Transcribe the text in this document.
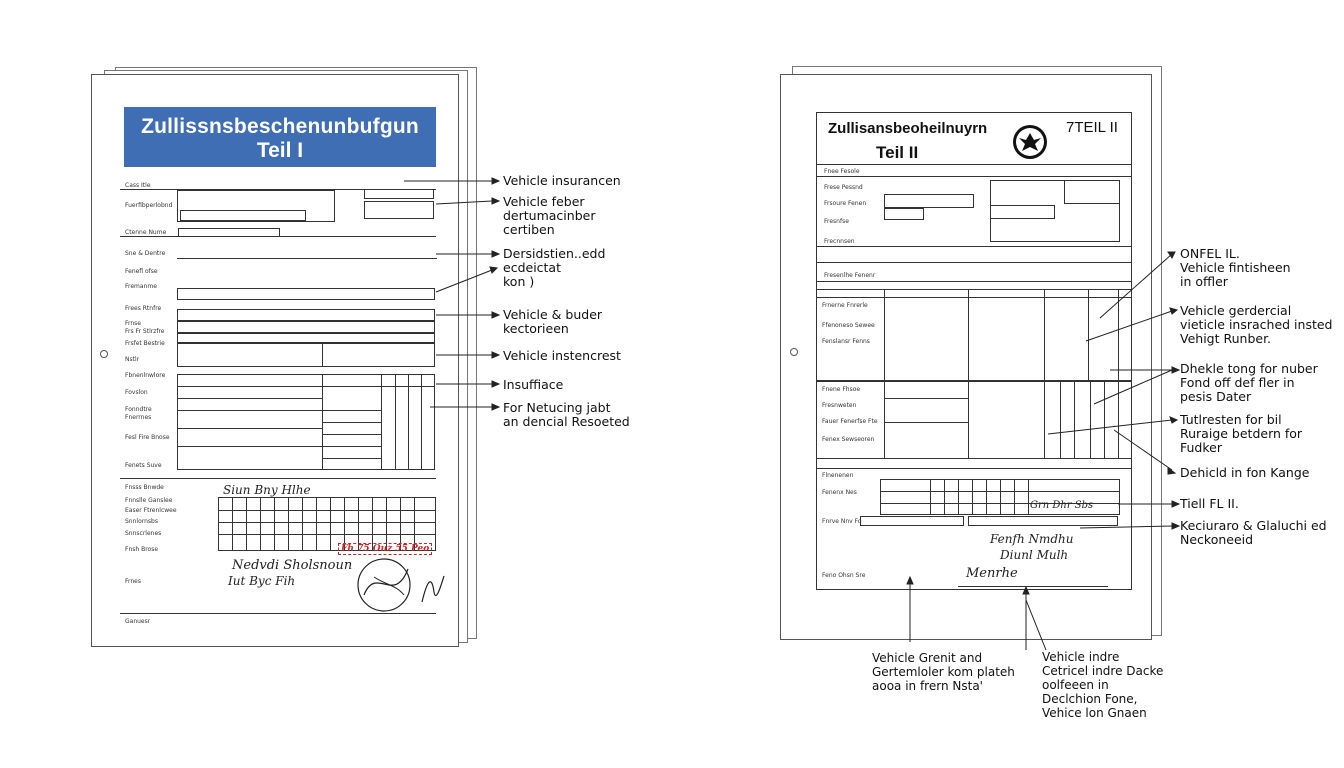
Zullissnsbeschenunbufgun
Teil I
Cass Itle
Fuerfibperlobnd
Ctenne Nume
Sne & Dentre
Fenefl ofse
Fremanme
Frees Rtnfre
Frnse
Frs Fr Stlrzfre
Frsfet Bestrie
Nstlr
Fbnenlnwlore
Fovslon
Fonndtre
Fnerrnes
Fesl Fire Bnose
Fenets Suve
Fnsss Bnwde
Fnnslle Ganslee
Easer Ftrenlcwee
Snnlornsbs
Snnscrlenes
Fnsh Brose
Frnes
Ganuesr
Siun Bny Hlhe
Fh 75 Ouz 55 Peo
Nedvdi Sholsnoun
Iut Byc Fih
Zullisansbeoheilnuyrn
Teil II
7TEIL II
Fnee Fesole
Frese Pessnd
Frsoure Fenen
Fresnfse
Frecnnsen
Fresenlhe Fenenr
Frnerne Fnrerle
Ffenoneso Sewee
Fenslansr Fenns
Fnene Fhsoe
Fresnweten
Fauer Fenerfse Fte
Fenex Sewseoren
Flnenenen
Fenenx Nes
Fnrve Nnv Fo
Feno Ohsn Sre
Grn Dhr Sbs
Fenfh Nmdhu
Diunl Mulh
Menrhe
Vehicle insurancen
Vehicle feber
dertumacinber
certiben
Dersidstien..edd
ecdeictat
kon )
Vehicle & buder
kectorieen
Vehicle instencrest
Insuffiace
For Netucing jabt
an dencial Resoeted
ONFEL IL.
Vehicle fintisheen
in offler
Vehicle gerdercial
vieticle insrached insted
Vehigt Runber.
Dhekle tong for nuber
Fond off def fler in
pesis Dater
Tutlresten for bil
Ruraige betdern for
Fudker
Dehicld in fon Kange
Tiell FL II.
Keciuraro & Glaluchi ed
Neckoneeid
Vehicle Grenit and
Gertemloler kom plateh
aooa in frern Nsta'
Vehicle indre
Cetricel indre Dacke
oolfeeen in
Declchion Fone,
Vehice lon Gnaen
